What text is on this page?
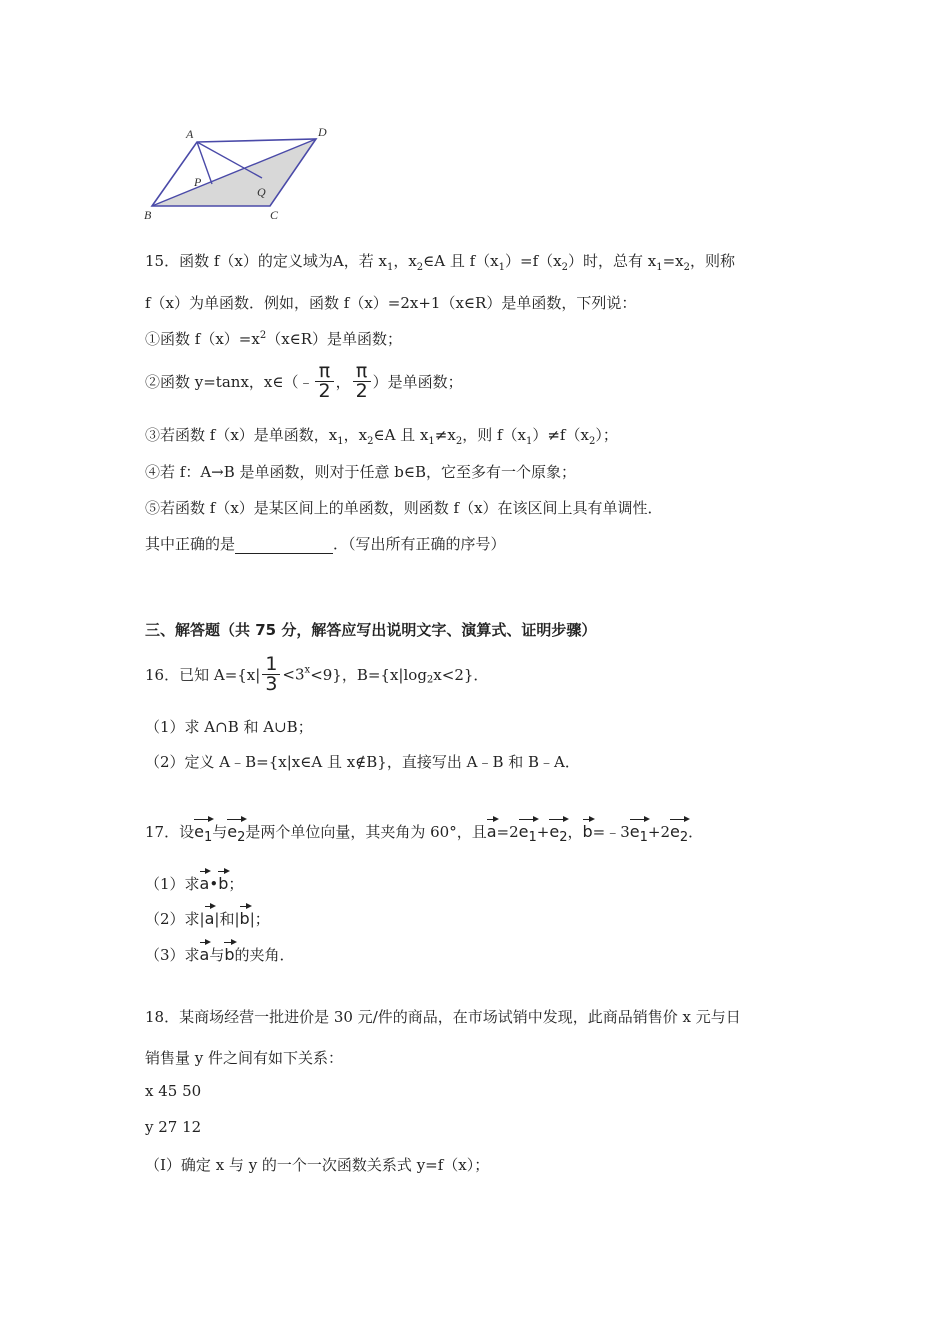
A	D
B	C
P
Q
15．函数 f（x）的定义域为A，若 $x_1$，$x_2\in A$ 且 $f(x_1)=f(x_2)$时，总有 $x_1=x_2$，则称
f（x）为单函数．例如，函数 f（x）=2x+1（x∈R）是单函数，下列说：
①函数 $f(x)=x^2(x\in R)$是单函数；
②函数 y=tanx，x∈（﹣ $\frac{\pi}{2}$ ， $\frac{\pi}{2}$ ）是单函数；
③若函数 f（x）是单函数，$x_1$，$x_2\in A$ 且 $x_1\ne x_2$，则 $f(x_1)\ne f(x_2)$；
④若 f：A→B 是单函数，则对于任意 b∈B，它至多有一个原象；
⑤若函数 f（x）是某区间上的单函数，则函数 f（x）在该区间上具有单调性．
其中正确的是	．（写出所有正确的序号）
三、解答题（共 75 分，解答应写出说明文字、演算式、证明步骤）
16．已知 $A=\{x| \frac{1}{3} <3^x<9\}$，$B=\{x|\log_2x<2\}$．
（1）求 A∩B 和 A∪B；
（2）定义 A﹣B={x|x∈A 且 x∉B}，直接写出 A﹣B 和 B﹣A．
17．设$e_1$与$e_2$是两个单位向量，其夹角为 60°，且$a=2e_1+e_2$，$b=﹣3e_1+2e_2$．
（1）求a•b；
（2）求|a|和|b|；
（3）求a与b的夹角．
18．某商场经营一批进价是 30 元/件的商品，在市场试销中发现，此商品销售价 x 元与日
销售量 y 件之间有如下关系：
x 45 50
y 27 12
（Ⅰ）确定 x 与 y 的一个一次函数关系式 y=f（x）；
